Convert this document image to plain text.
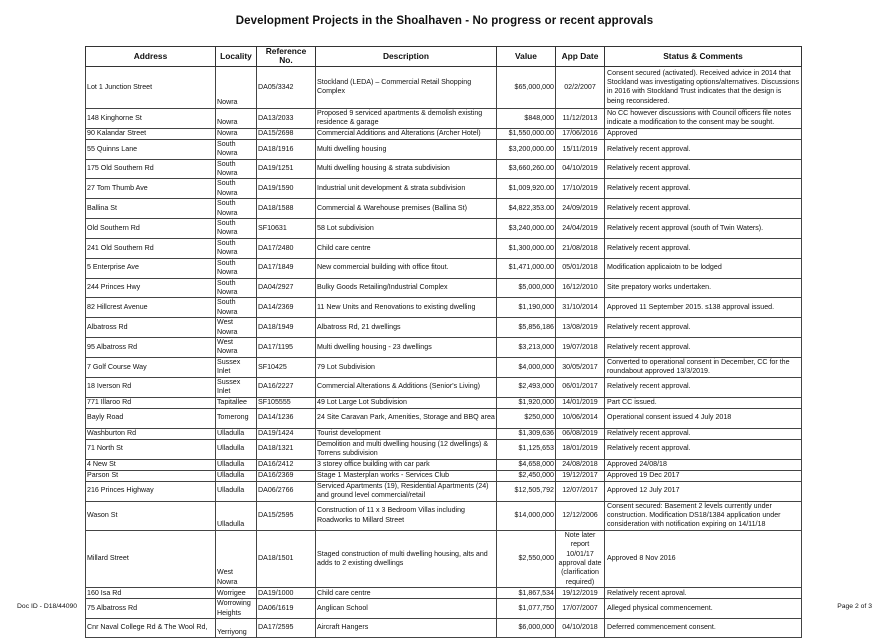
Development Projects in the Shoalhaven - No progress or recent approvals
Address	Locality	Reference No.	Description	Value	App Date	Status & Comments
Lot 1 Junction Street	Nowra	DA05/3342	Stockland (LEDA) – Commercial Retail Shopping Complex	$65,000,000	02/2/2007	Consent secured (activated). Received advice in 2014 that Stockland was investigating options/alternatives. Discussions in 2016 with Stockland Trust indicates that the design is being reconsidered.
148 Kinghorne St	Nowra	DA13/2033	Proposed 9 serviced apartments & demolish existing residence & garage	$848,000	11/12/2013	No CC however discussions with Council officers file notes indicate a modification to the consent may be sought.
90 Kalandar Street	Nowra	DA15/2698	Commercial Additions and Alterations (Archer Hotel)	$1,550,000.00	17/06/2016	Approved
55 Quinns Lane	South Nowra	DA18/1916	Multi dwelling housing	$3,200,000.00	15/11/2019	Relatively recent approval.
175 Old Southern Rd	South Nowra	DA19/1251	Multi dwelling housing & strata subdivision	$3,660,260.00	04/10/2019	Relatively recent approval.
27 Tom Thumb Ave	South Nowra	DA19/1590	Industrial unit development & strata subdivision	$1,009,920.00	17/10/2019	Relatively recent approval.
Ballina St	South Nowra	DA18/1588	Commercial & Warehouse premises (Ballina St)	$4,822,353.00	24/09/2019	Relatively recent approval.
Old Southern Rd	South Nowra	SF10631	58 Lot subdivision	$3,240,000.00	24/04/2019	Relatively recent approval (south of Twin Waters).
241 Old Southern Rd	South Nowra	DA17/2480	Child care centre	$1,300,000.00	21/08/2018	Relatively recent approval.
5 Enterprise Ave	South Nowra	DA17/1849	New commercial building with office fitout.	$1,471,000.00	05/01/2018	Modification applicaiotn to be lodged
244 Princes Hwy	South Nowra	DA04/2927	Bulky Goods Retailing/Industrial Complex	$5,000,000	16/12/2010	Site prepatory works undertaken.
82 Hillcrest Avenue	South Nowra	DA14/2369	11 New Units and Renovations to existing dwelling	$1,190,000	31/10/2014	Approved 11 September 2015. s138 approval issued.
Albatross Rd	West Nowra	DA18/1949	Albatross Rd, 21 dwellings	$5,856,186	13/08/2019	Relatively recent approval.
95 Albatross Rd	West Nowra	DA17/1195	Multi dwelling housing - 23 dwellings	$3,213,000	19/07/2018	Relatively recent approval.
7 Golf Course Way	Sussex Inlet	SF10425	79 Lot Subdivision	$4,000,000	30/05/2017	Converted to operational consent in December, CC for the roundabout approved 13/3/2019.
18 Iverson Rd	Sussex Inlet	DA16/2227	Commercial Alterations & Additions (Senior's Living)	$2,493,000	06/01/2017	Relatively recent approval.
771 Illaroo Rd	Tapitallee	SF105555	49 Lot Large Lot Subdivision	$1,920,000	14/01/2019	Part CC issued.
Bayly Road	Tomerong	DA14/1236	24 Site Caravan Park, Amenities, Storage and BBQ area	$250,000	10/06/2014	Operational consent issued 4 July 2018
Washburton Rd	Ulladulla	DA19/1424	Tourist development	$1,309,636	06/08/2019	Relatively recent approval.
71 North St	Ulladulla	DA18/1321	Demolition and multi dwelling housing (12 dwellings) & Torrens subdivision	$1,125,653	18/01/2019	Relatively recent approval.
4 New St	Ulladulla	DA16/2412	3 storey office building with car park	$4,658,000	24/08/2018	Approved 24/08/18
Parson St	Ulladulla	DA16/2369	Stage 1 Masterplan works - Services Club	$2,450,000	19/12/2017	Approved 19 Dec 2017
216 Princes Highway	Ulladulla	DA06/2766	Serviced Apartments (19), Residential Apartments (24) and ground level commercial/retail	$12,505,792	12/07/2017	Approved 12 July 2017
Wason St	Ulladulla	DA15/2595	Construction of 11 x 3 Bedroom Villas including Roadworks to Millard Street	$14,000,000	12/12/2006	Consent secured: Basement 2 levels currently under construction. Modification DS18/1384 application under consideration with notification expiring on 14/11/18
Millard Street	West Nowra	DA18/1501	Staged construction of multi dwelling housing, alts and adds to 2 existing dwellings	$2,550,000	Note later report 10/01/17 approval date (clarification required)	Approved 8 Nov 2016
160 Isa Rd	Worrigee	DA19/1000	Child care centre	$1,867,534	19/12/2019	Relatively recent aproval.
75 Albatross Rd	Worrowing Heights	DA06/1619	Anglican School	$1,077,750	17/07/2007	Alleged physical commencement.
Cnr Naval College Rd & The Wool Rd,	Yerriyong	DA17/2595	Aircraft Hangers	$6,000,000	04/10/2018	Deferred commencement consent.
Doc ID - D18/44090	Page 2 of 3
